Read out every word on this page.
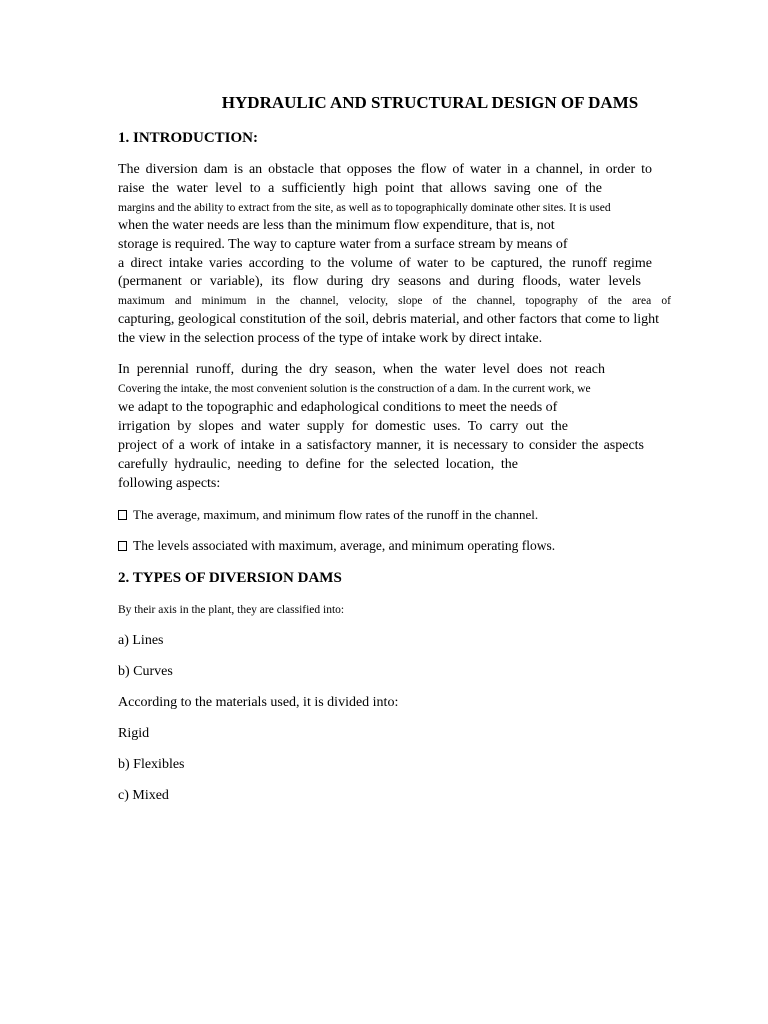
HYDRAULIC AND STRUCTURAL DESIGN OF DAMS
1. INTRODUCTION:
The diversion dam is an obstacle that opposes the flow of water in a channel, in order to
raise the water level to a sufficiently high point that allows saving one of the
margins and the ability to extract from the site, as well as to topographically dominate other sites. It is used
when the water needs are less than the minimum flow expenditure, that is, not
storage is required. The way to capture water from a surface stream by means of
a direct intake varies according to the volume of water to be captured, the runoff regime
(permanent or variable), its flow during dry seasons and during floods, water levels
maximum and minimum in the channel, velocity, slope of the channel, topography of the area of
capturing, geological constitution of the soil, debris material, and other factors that come to light
the view in the selection process of the type of intake work by direct intake.
In perennial runoff, during the dry season, when the water level does not reach
Covering the intake, the most convenient solution is the construction of a dam. In the current work, we
we adapt to the topographic and edaphological conditions to meet the needs of
irrigation by slopes and water supply for domestic uses. To carry out the
project of a work of intake in a satisfactory manner, it is necessary to consider the aspects
carefully hydraulic, needing to define for the selected location, the
following aspects:
The average, maximum, and minimum flow rates of the runoff in the channel.
The levels associated with maximum, average, and minimum operating flows.
2. TYPES OF DIVERSION DAMS
By their axis in the plant, they are classified into:
a) Lines
b) Curves
According to the materials used, it is divided into:
Rigid
b) Flexibles
c) Mixed
